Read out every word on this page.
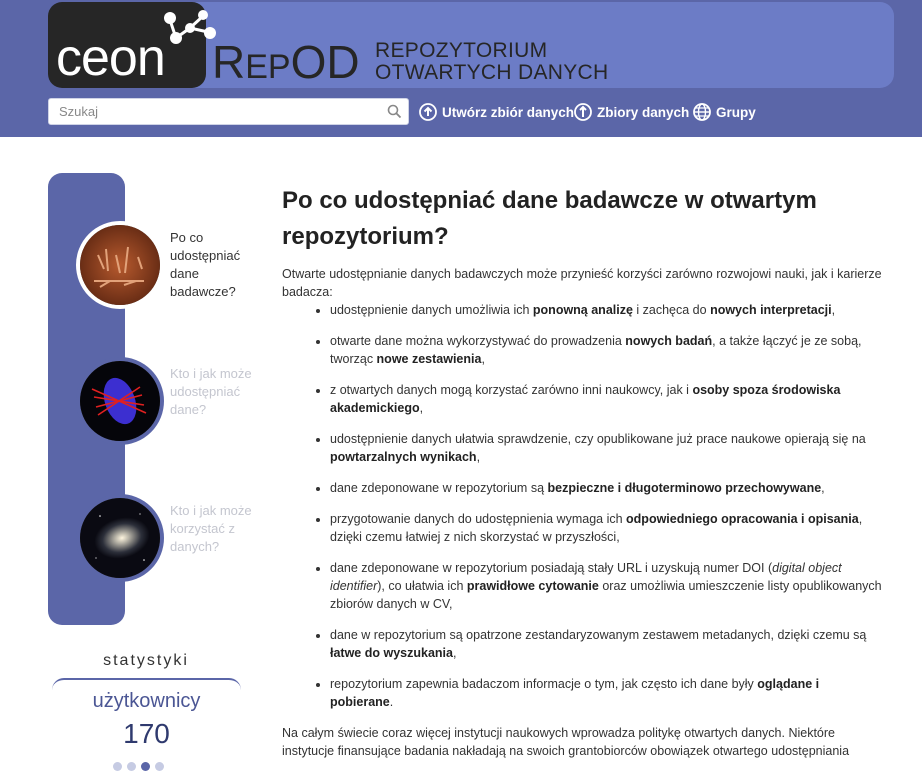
ceon REPOD REPOZYTORIUM
OTWARTYCH DANYCH
Szukaj
Utwórz zbiór danych Zbiory danych Grupy
Po co udostępniać dane badawcze?
Kto i jak może udostępniać dane?
Kto i jak może korzystać z danych?
statystyki
użytkownicy
170
Po co udostępniać dane badawcze w otwartym repozytorium?

Otwarte udostępnianie danych badawczych może przynieść korzyści zarówno rozwojowi nauki, jak i karierze badacza:

• udostępnienie danych umożliwia ich ponowną analizę i zachęca do nowych interpretacji,
• otwarte dane można wykorzystywać do prowadzenia nowych badań, a także łączyć je ze sobą, tworząc nowe zestawienia,
• z otwartych danych mogą korzystać zarówno inni naukowcy, jak i osoby spoza środowiska akademickiego,
• udostępnienie danych ułatwia sprawdzenie, czy opublikowane już prace naukowe opierają się na powtarzalnych wynikach,
• dane zdeponowane w repozytorium są bezpieczne i długoterminowo przechowywane,
• przygotowanie danych do udostępnienia wymaga ich odpowiedniego opracowania i opisania, dzięki czemu łatwiej z nich skorzystać w przyszłości,
• dane zdeponowane w repozytorium posiadają stały URL i uzyskują numer DOI (digital object identifier), co ułatwia ich prawidłowe cytowanie oraz umożliwia umieszczenie listy opublikowanych zbiorów danych w CV,
• dane w repozytorium są opatrzone zestandaryzowanym zestawem metadanych, dzięki czemu są łatwe do wyszukania,
• repozytorium zapewnia badaczom informacje o tym, jak często ich dane były oglądane i pobierane.

Na całym świecie coraz więcej instytucji naukowych wprowadza politykę otwartych danych. Niektóre instytucje finansujące badania nakładają na swoich grantobiorców obowiązek otwartego udostępniania
